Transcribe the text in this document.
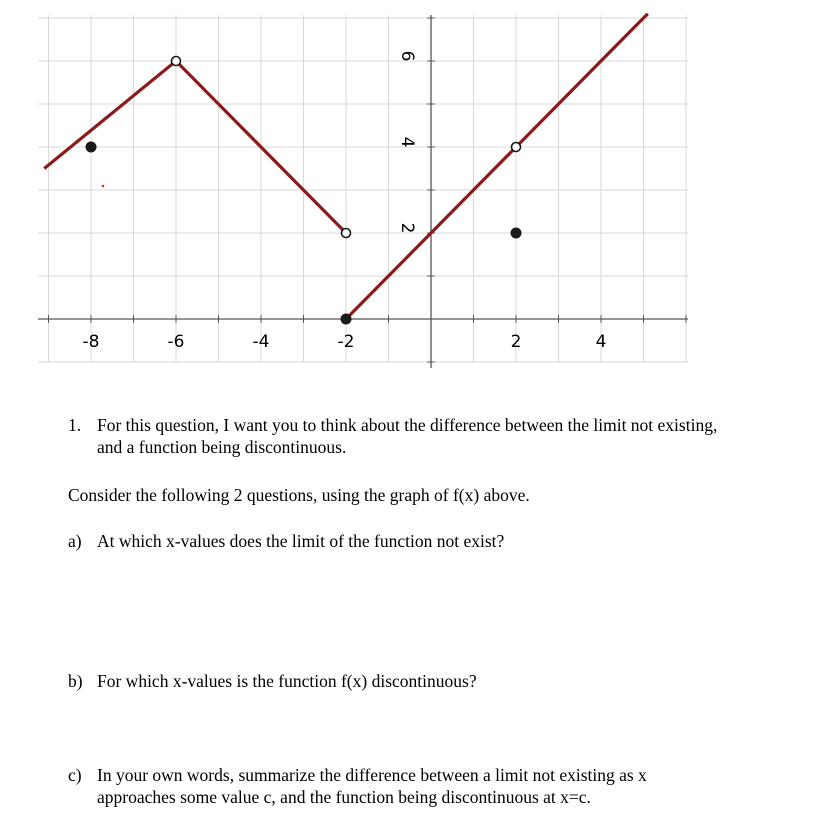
-8	-6	-4	-2	2	4
2
4
6

1. For this question, I want you to think about the difference between the limit not existing,
and a function being discontinuous.

Consider the following 2 questions, using the graph of f(x) above.

a) At which x-values does the limit of the function not exist?

b) For which x-values is the function f(x) discontinuous?

c) In your own words, summarize the difference between a limit not existing as x
approaches some value c, and the function being discontinuous at x=c.
